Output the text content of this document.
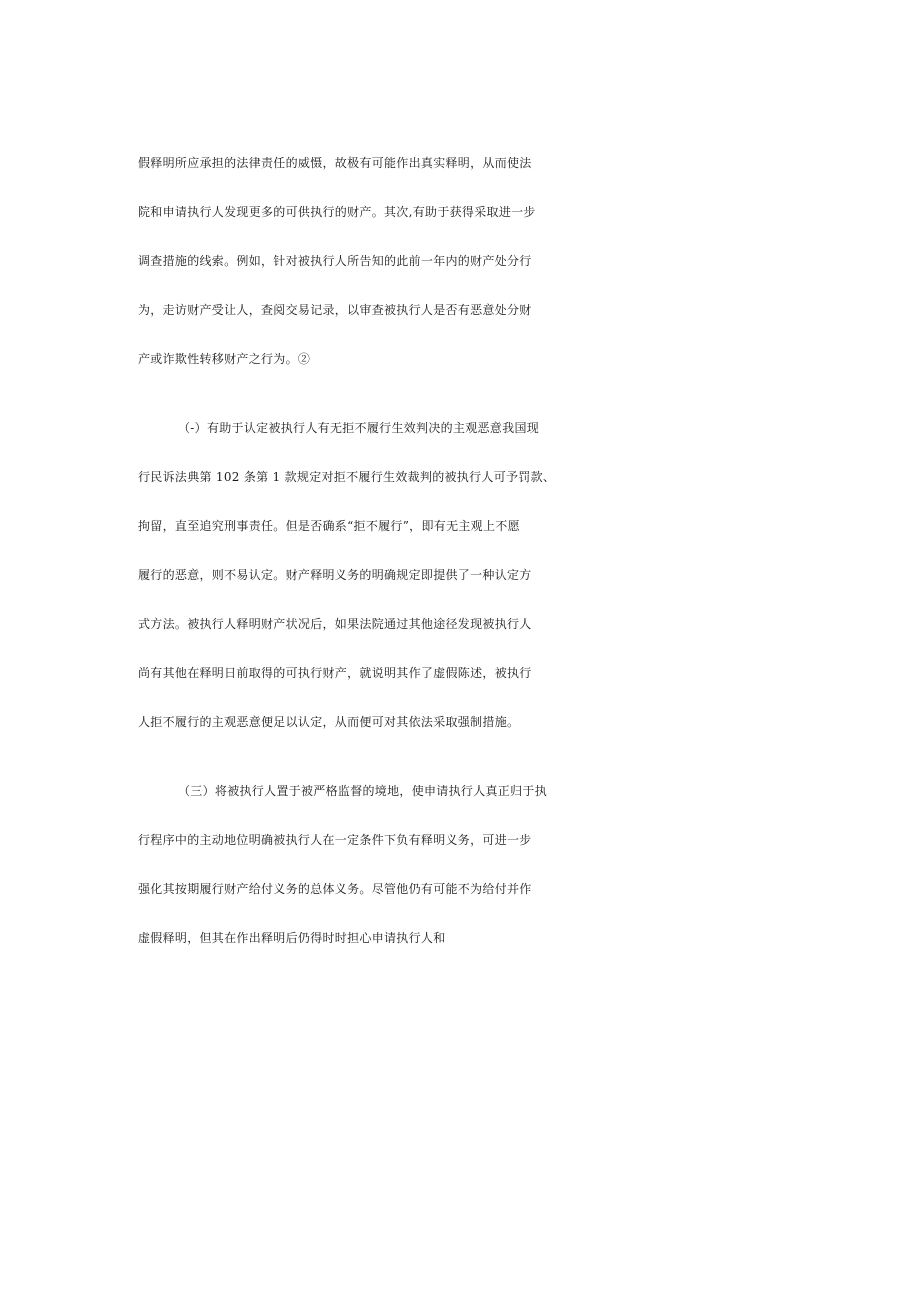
假释明所应承担的法律责任的威慑，故极有可能作出真实释明，从而使法
院和申请执行人发现更多的可供执行的财产。其次,有助于获得采取进一步
调查措施的线索。例如，针对被执行人所告知的此前一年内的财产处分行
为，走访财产受让人，查阅交易记录，以审查被执行人是否有恶意处分财
产或诈欺性转移财产之行为。②
（-）有助于认定被执行人有无拒不履行生效判决的主观恶意我国现
行民诉法典第 102 条第 1 款规定对拒不履行生效裁判的被执行人可予罚款、
拘留，直至追究刑事责任。但是否确系“拒不履行”，即有无主观上不愿
履行的恶意，则不易认定。财产释明义务的明确规定即提供了一种认定方
式方法。被执行人释明财产状况后，如果法院通过其他途径发现被执行人
尚有其他在释明日前取得的可执行财产，就说明其作了虚假陈述，被执行
人拒不履行的主观恶意便足以认定，从而便可对其依法采取强制措施。
（三）将被执行人置于被严格监督的境地，使申请执行人真正归于执
行程序中的主动地位明确被执行人在一定条件下负有释明义务，可进一步
强化其按期履行财产给付义务的总体义务。尽管他仍有可能不为给付并作
虚假释明，但其在作出释明后仍得时时担心申请执行人和
